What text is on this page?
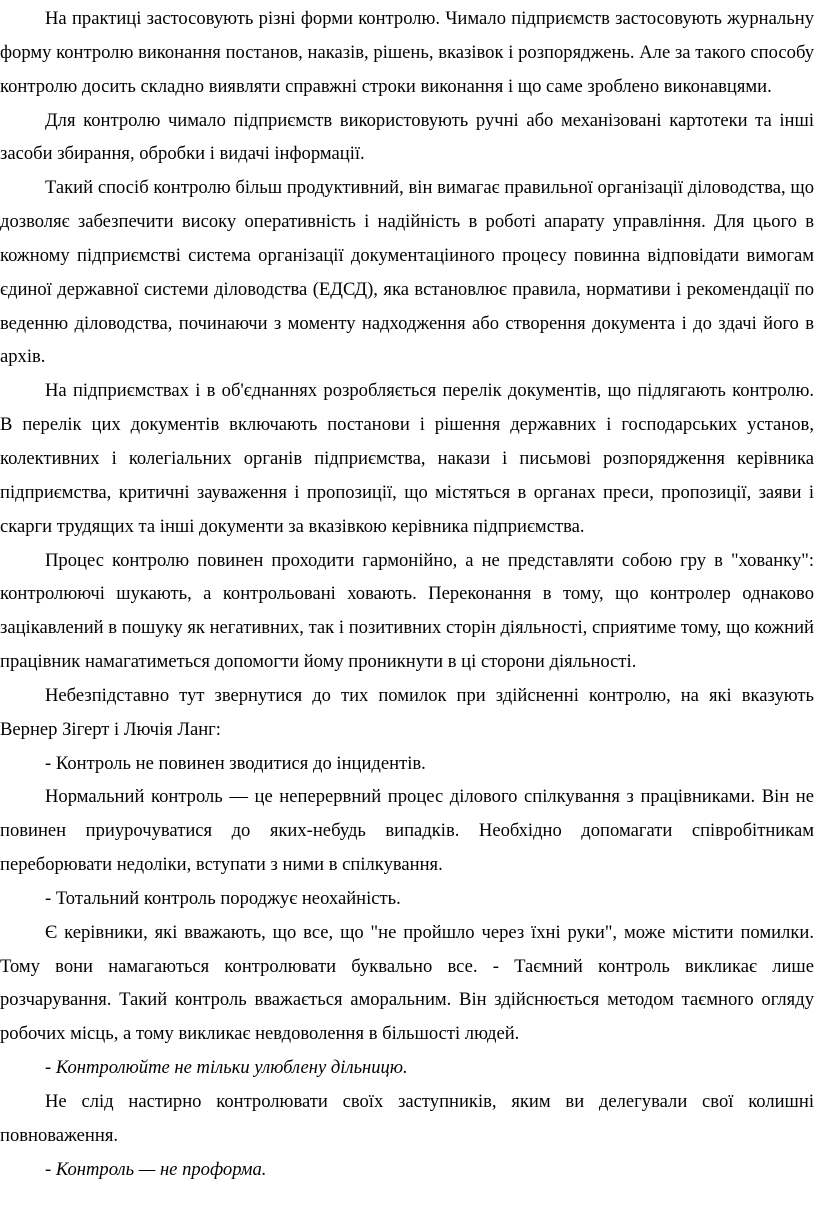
На практиці застосовують різні форми контролю. Чимало підприємств застосовують журнальну форму контролю виконання постанов, наказів, рішень, вказівок і розпоряджень. Але за такого способу контролю досить складно виявляти справжні строки виконання і що саме зроблено виконавцями.

Для контролю чимало підприємств використовують ручні або механізовані картотеки та інші засоби збирання, обробки і видачі інформації.

Такий спосіб контролю більш продуктивний, він вимагає правильної організації діловодства, що дозволяє забезпечити високу оперативність і надійність в роботі апарату управління. Для цього в кожному підприємстві система організації документаціиного процесу повинна відповідати вимогам єдиної державної системи діловодства (ЕДСД), яка встановлює правила, нормативи і рекомендації по веденню діловодства, починаючи з моменту надходження або створення документа і до здачі його в архів.

На підприємствах і в об'єднаннях розробляється перелік документів, що підлягають контролю. В перелік цих документів включають постанови і рішення державних і господарських установ, колективних і колегіальних органів підприємства, накази і письмові розпорядження керівника підприємства, критичні зауваження і пропозиції, що містяться в органах преси, пропозиції, заяви і скарги трудящих та інші документи за вказівкою керівника підприємства.

Процес контролю повинен проходити гармонійно, а не представляти собою гру в "хованку": контролюючі шукають, а контрольовані ховають. Переконання в тому, що контролер однаково зацікавлений в пошуку як негативних, так і позитивних сторін діяльності, сприятиме тому, що кожний працівник намагатиметься допомогти йому проникнути в ці сторони діяльності.

Небезпідставно тут звернутися до тих помилок при здійсненні контролю, на які вказують Вернер Зігерт і Лючія Ланг:

- Контроль не повинен зводитися до інцидентів.

Нормальний контроль — це неперервний процес ділового спілкування з працівниками. Він не повинен приурочуватися до яких-небудь випадків. Необхідно допомагати співробітникам переборювати недоліки, вступати з ними в спілкування.

- Тотальний контроль породжує неохайність.

Є керівники, які вважають, що все, що "не пройшло через їхні руки", може містити помилки. Тому вони намагаються контролювати буквально все. - Таємний контроль викликає лише розчарування. Такий контроль вважається аморальним. Він здійснюється методом таємного огляду робочих місць, а тому викликає невдоволення в більшості людей.

- Контролюйте не тільки улюблену дільницю.

Не слід настирно контролювати своїх заступників, яким ви делегували свої колишні повноваження.

- Контроль — не проформа.
